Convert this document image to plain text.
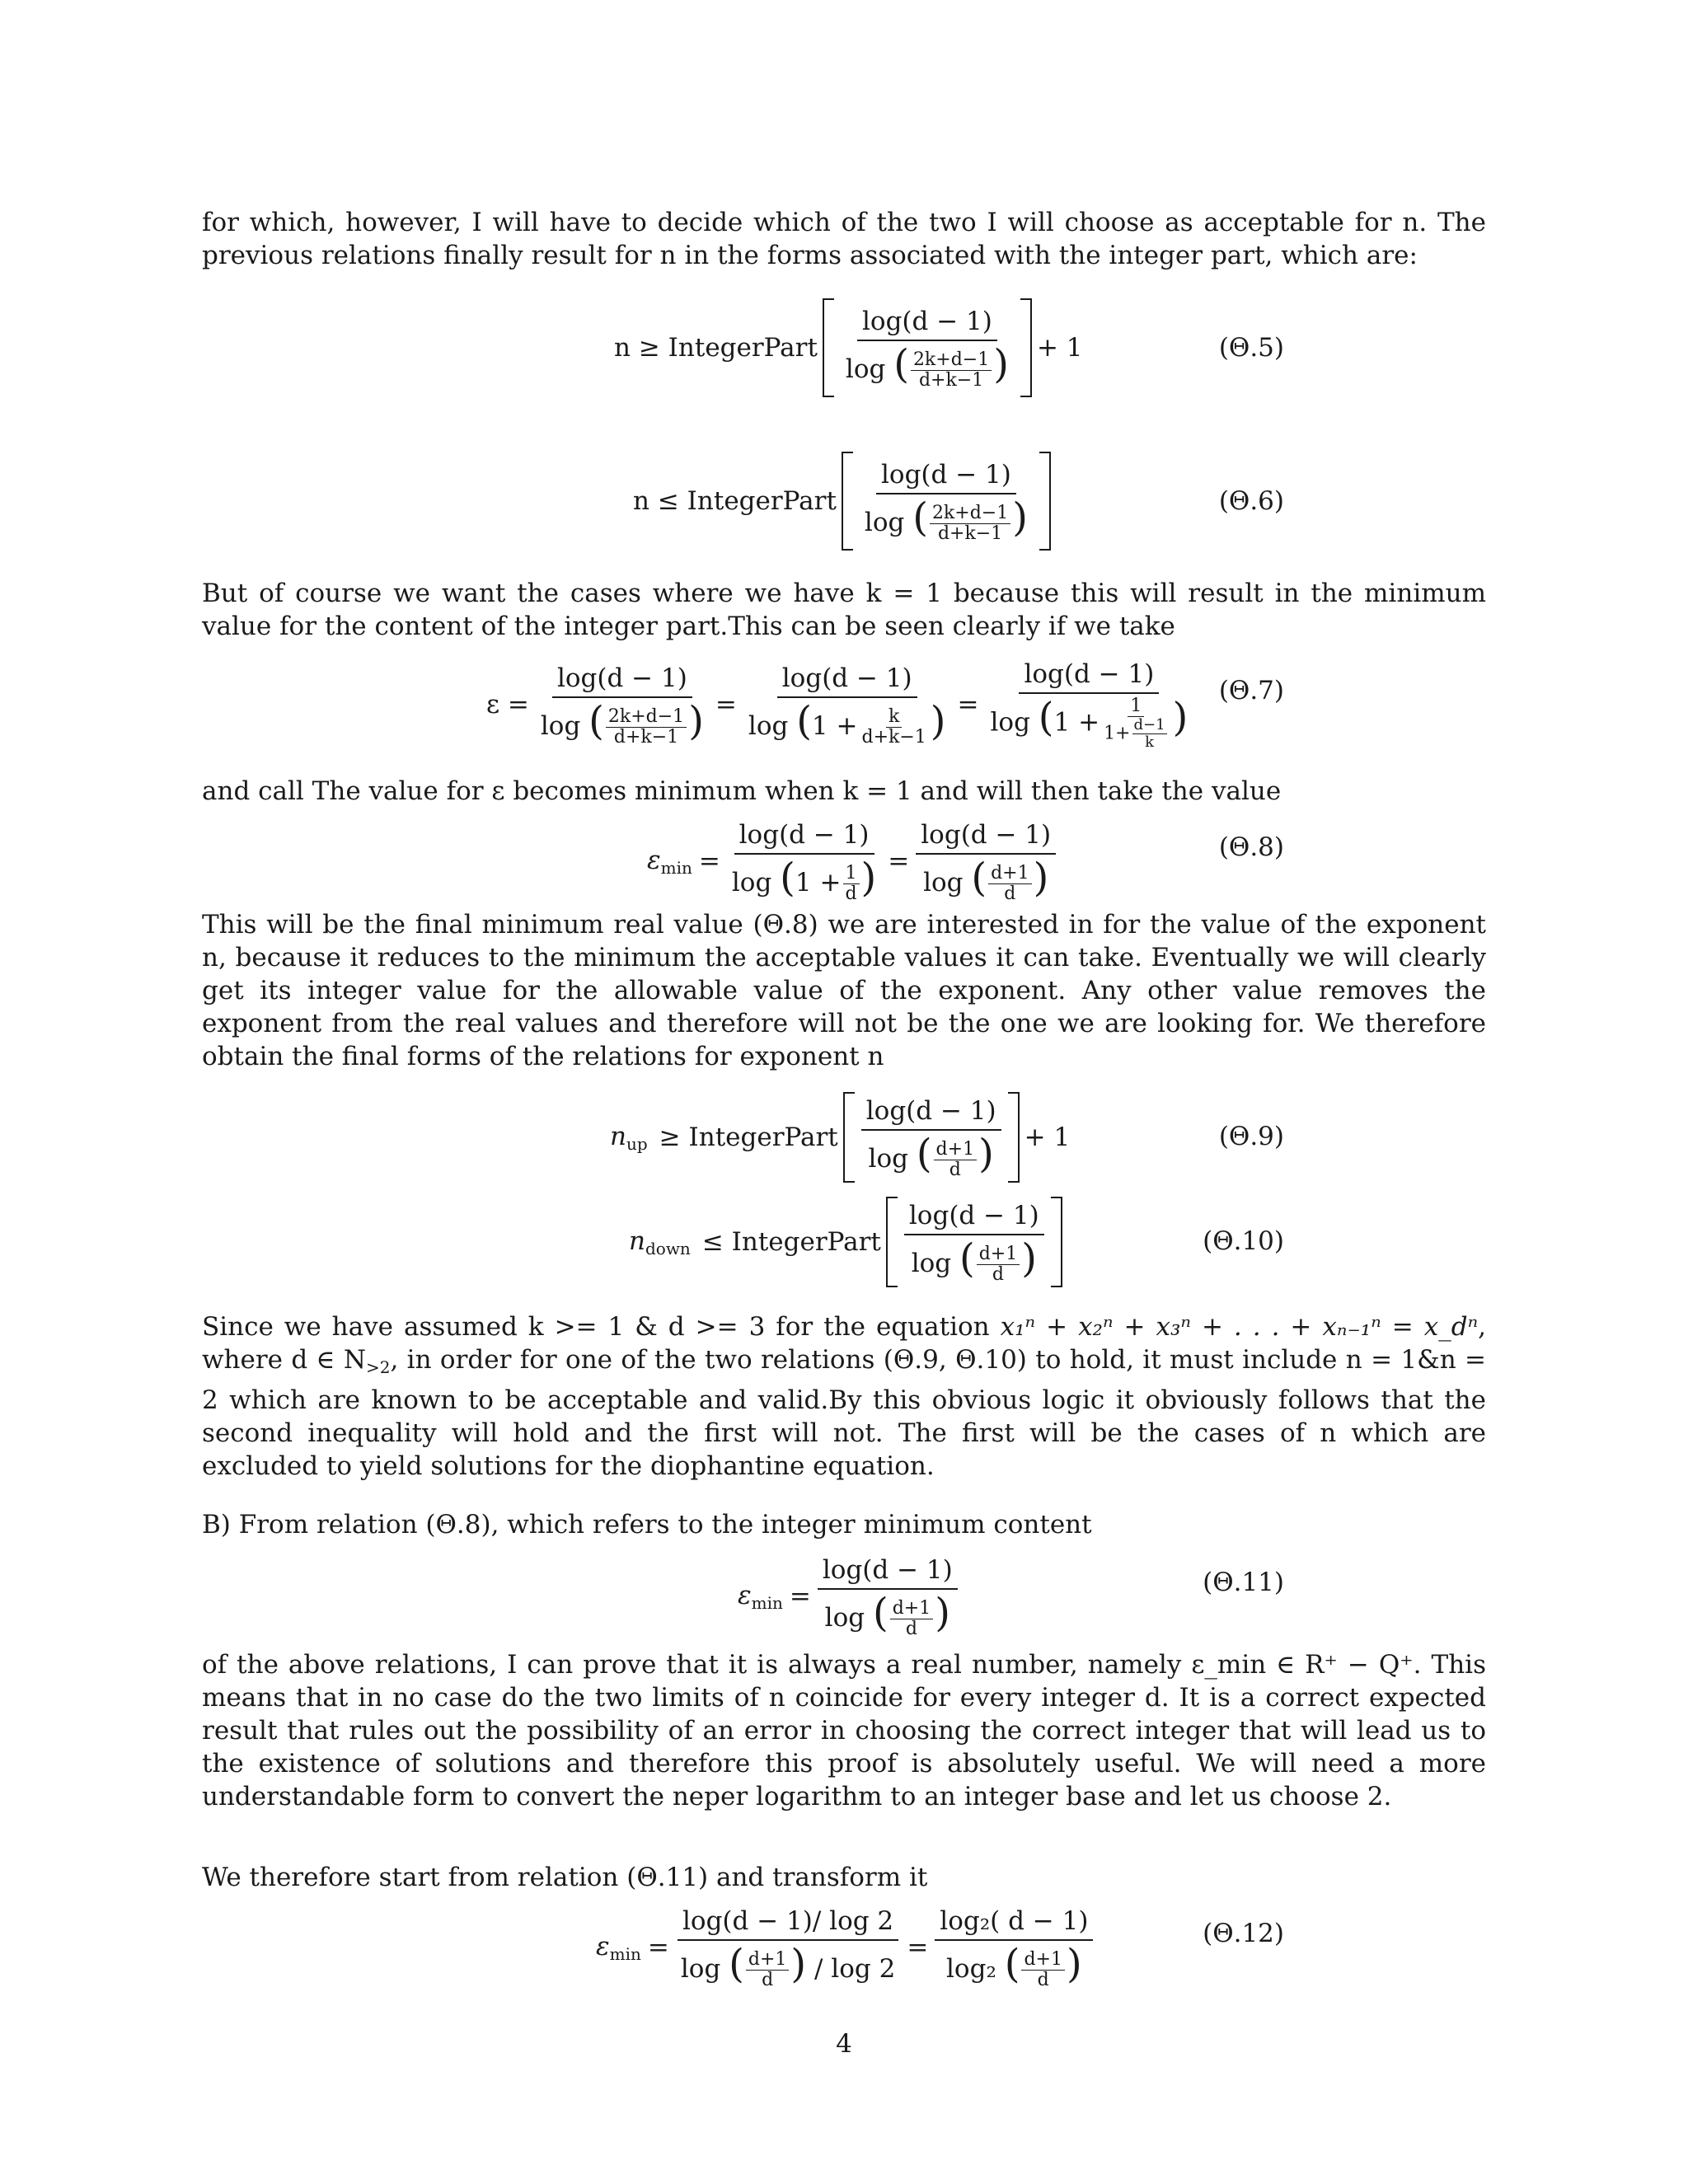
for which, however, I will have to decide which of the two I will choose as acceptable for n. The previous relations finally result for n in the forms associated with the integer part, which are:

n ≥ IntegerPart $\frac{\log(d - 1)}{\log ( \frac{2k+d-1}{d+k-1} )} + 1$	(Θ.5)
n ≤ IntegerPart $\frac{\log(d - 1)}{\log ( \frac{2k+d-1}{d+k-1} )}$	(Θ.6)

But of course we want the cases where we have k = 1 because this will result in the minimum value for the content of the integer part.This can be seen clearly if we take

$\varepsilon = \frac{\log(d - 1)}{\log ( \frac{2k+d-1}{d+k-1} )} = \frac{\log(d - 1)}{\log (1 + \frac{k}{d+k-1} )} = \frac{\log(d - 1)}{\log (1 + \frac{1}{1+ \frac{d-1}{k}} )} (\Theta.7)$

and call The value for ε becomes minimum when k = 1 and will then take the value

$\varepsilon_{min} = \frac{\log(d - 1)}{\log (1 + \frac{1}{d} )} = \frac{\log(d - 1)}{\log ( \frac{d+1}{d} )}$	(Θ.8)

This will be the final minimum real value (Θ.8) we are interested in for the value of the exponent n, because it reduces to the minimum the acceptable values it can take. Eventually we will clearly get its integer value for the allowable value of the exponent. Any other value removes the exponent from the real values and therefore will not be the one we are looking for. We therefore obtain the final forms of the relations for exponent n

$n_{up}$ ≥ IntegerPart $\frac{\log(d - 1)}{\log ( \frac{d+1}{d} )} + 1$	(Θ.9)
$n_{down}$ ≤ IntegerPart $\frac{\log(d - 1)}{\log ( \frac{d+1}{d} )}$	(Θ.10)

Since we have assumed k >= 1 & d >= 3 for the equation x₁ⁿ + x₂ⁿ + x₃ⁿ + . . . + xₙ₋₁ⁿ = x_dⁿ, where d ∈ $N_{>2}$, in order for one of the two relations (Θ.9, Θ.10) to hold, it must include n = 1&n = 2 which are known to be acceptable and valid.By this obvious logic it obviously follows that the second inequality will hold and the first will not. The first will be the cases of n which are excluded to yield solutions for the diophantine equation.

B) From relation (Θ.8), which refers to the integer minimum content

$\varepsilon_{min} = \frac{\log(d - 1)}{\log ( \frac{d+1}{d} )}$	(Θ.11)

of the above relations, I can prove that it is always a real number, namely ε_min ∈ R⁺ − Q⁺. This means that in no case do the two limits of n coincide for every integer d. It is a correct expected result that rules out the possibility of an error in choosing the correct integer that will lead us to the existence of solutions and therefore this proof is absolutely useful. We will need a more understandable form to convert the neper logarithm to an integer base and let us choose 2.

We therefore start from relation (Θ.11) and transform it

$\varepsilon_{min} = \frac{\log(d - 1)/ \log 2}{\log ( \frac{d+1}{d} ) / \log 2} = \frac{\text{log₂( d − 1)}}{\log_2 ( \frac{d+1}{d} )}$	(Θ.12)
4
